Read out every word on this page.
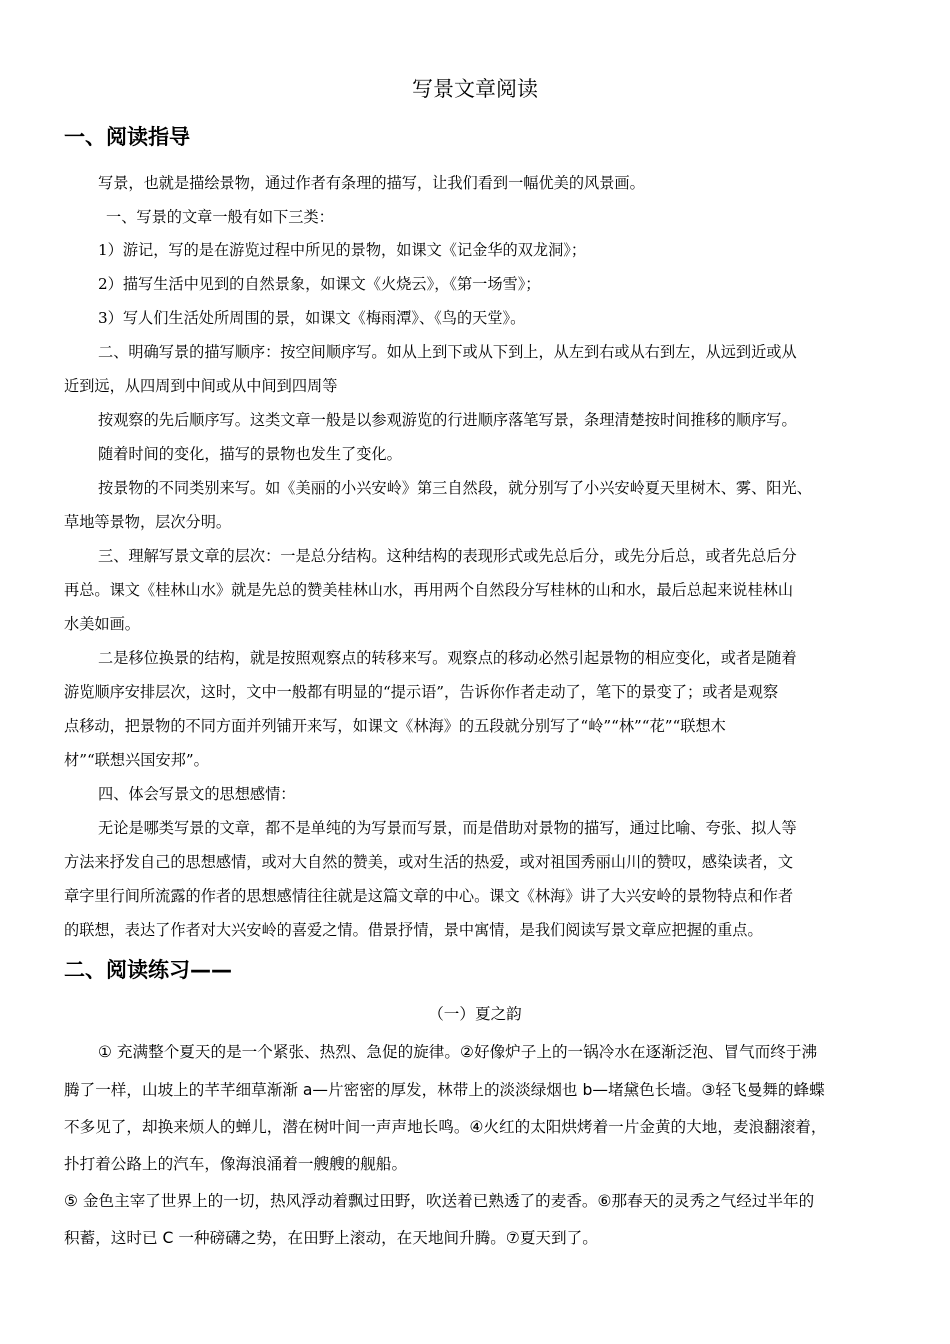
写景文章阅读
一、阅读指导
写景，也就是描绘景物，通过作者有条理的描写，让我们看到一幅优美的风景画。
一、写景的文章一般有如下三类：
1）游记，写的是在游览过程中所见的景物，如课文《记金华的双龙洞》；
2）描写生活中见到的自然景象，如课文《火烧云》，《第一场雪》；
3）写人们生活处所周围的景，如课文《梅雨潭》、《鸟的天堂》。
二、明确写景的描写顺序：按空间顺序写。如从上到下或从下到上，从左到右或从右到左，从远到近或从
近到远，从四周到中间或从中间到四周等
按观察的先后顺序写。这类文章一般是以参观游览的行进顺序落笔写景，条理清楚按时间推移的顺序写。
随着时间的变化，描写的景物也发生了变化。
按景物的不同类别来写。如《美丽的小兴安岭》第三自然段，就分别写了小兴安岭夏天里树木、雾、阳光、
草地等景物，层次分明。
三、理解写景文章的层次：一是总分结构。这种结构的表现形式或先总后分，或先分后总，或者先总后分
再总。课文《桂林山水》就是先总的赞美桂林山水，再用两个自然段分写桂林的山和水，最后总起来说桂林山
水美如画。
二是移位换景的结构，就是按照观察点的转移来写。观察点的移动必然引起景物的相应变化，或者是随着
游览顺序安排层次，这时，文中一般都有明显的“提示语”，告诉你作者走动了，笔下的景变了；或者是观察
点移动，把景物的不同方面并列铺开来写，如课文《林海》的五段就分别写了“岭”“林”“花”“联想木
材”“联想兴国安邦”。
四、体会写景文的思想感情：
无论是哪类写景的文章，都不是单纯的为写景而写景，而是借助对景物的描写，通过比喻、夸张、拟人等
方法来抒发自己的思想感情，或对大自然的赞美，或对生活的热爱，或对祖国秀丽山川的赞叹，感染读者，文
章字里行间所流露的作者的思想感情往往就是这篇文章的中心。课文《林海》讲了大兴安岭的景物特点和作者
的联想，表达了作者对大兴安岭的喜爱之情。借景抒情，景中寓情，是我们阅读写景文章应把握的重点。
二、阅读练习——
（一）夏之韵
① 充满整个夏天的是一个紧张、热烈、急促的旋律。②好像炉子上的一锅冷水在逐渐泛泡、冒气而终于沸
腾了一样，山坡上的芊芊细草渐渐 a—片密密的厚发，林带上的淡淡绿烟也 b—堵黛色长墙。③轻飞曼舞的蜂蝶
不多见了，却换来烦人的蝉儿，潜在树叶间一声声地长鸣。④火红的太阳烘烤着一片金黄的大地，麦浪翻滚着，
扑打着公路上的汽车，像海浪涌着一艘艘的舰船。
⑤ 金色主宰了世界上的一切，热风浮动着飘过田野，吹送着已熟透了的麦香。⑥那春天的灵秀之气经过半年的
积蓄，这时已 C 一种磅礴之势，在田野上滚动，在天地间升腾。⑦夏天到了。
